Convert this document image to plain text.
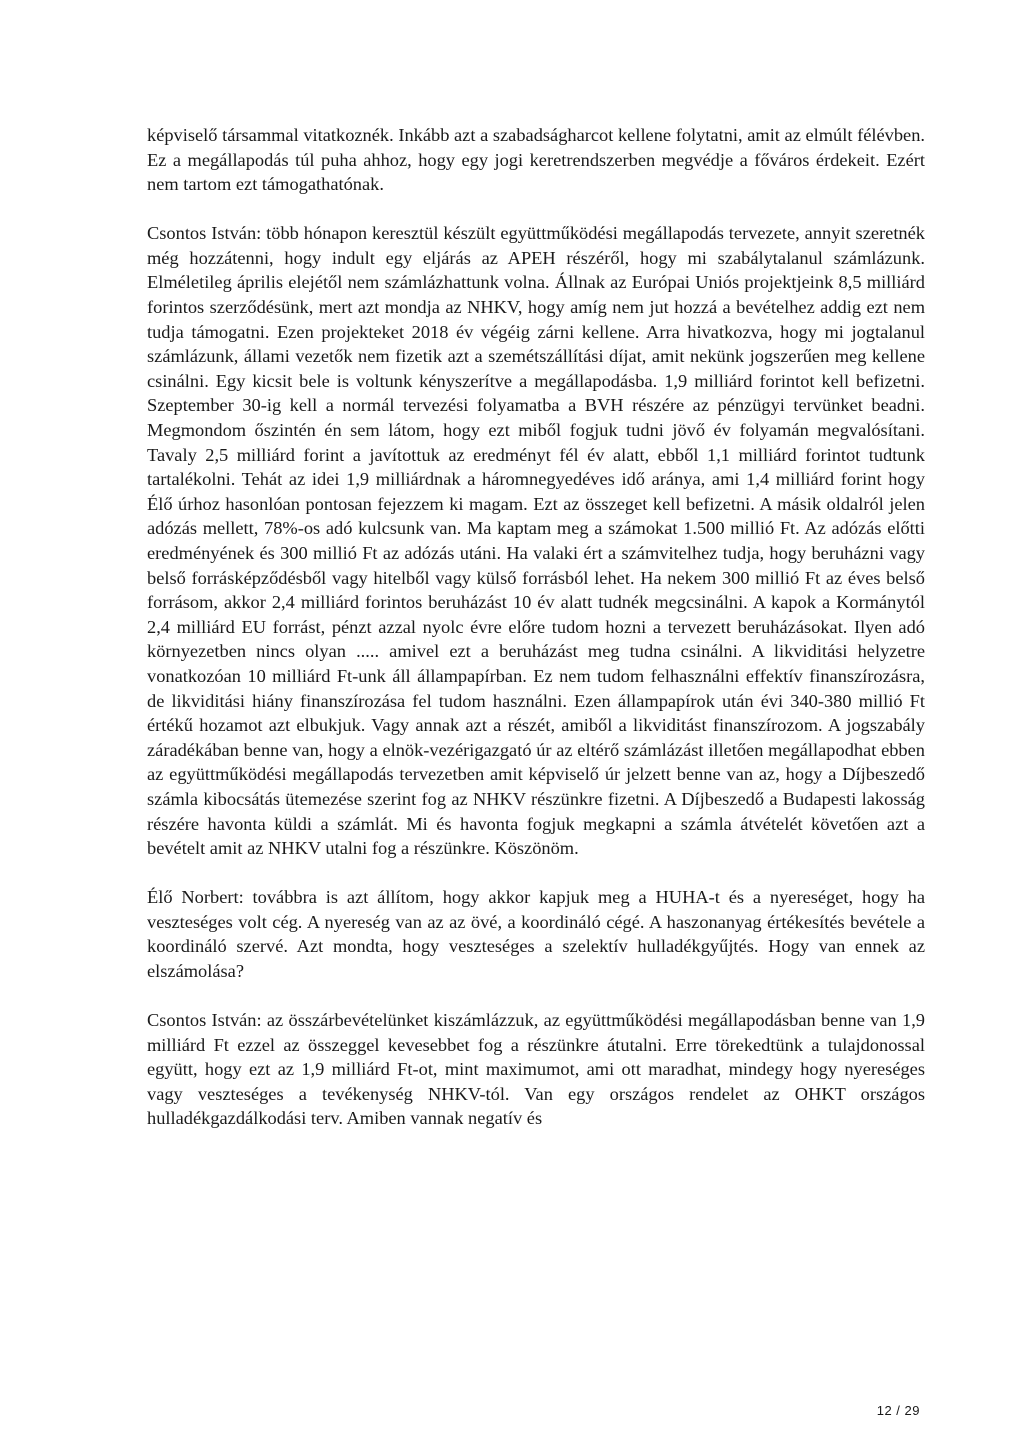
képviselő társammal vitatkoznék. Inkább azt a szabadságharcot kellene folytatni, amit az elmúlt félévben. Ez a megállapodás túl puha ahhoz, hogy egy jogi keretrendszerben megvédje a főváros érdekeit. Ezért nem tartom ezt támogathatónak.

Csontos István: több hónapon keresztül készült együttműködési megállapodás tervezete, annyit szeretnék még hozzátenni, hogy indult egy eljárás az APEH részéről, hogy mi szabálytalanul számlázunk. Elméletileg április elejétől nem számlázhattunk volna. Állnak az Európai Uniós projektjeink 8,5 milliárd forintos szerződésünk, mert azt mondja az NHKV, hogy amíg nem jut hozzá a bevételhez addig ezt nem tudja támogatni. Ezen projekteket 2018 év végéig zárni kellene. Arra hivatkozva, hogy mi jogtalanul számlázunk, állami vezetők nem fizetik azt a szemétszállítási díjat, amit nekünk jogszerűen meg kellene csinálni. Egy kicsit bele is voltunk kényszerítve a megállapodásba. 1,9 milliárd forintot kell befizetni. Szeptember 30-ig kell a normál tervezési folyamatba a BVH részére az pénzügyi tervünket beadni. Megmondom őszintén én sem látom, hogy ezt miből fogjuk tudni jövő év folyamán megvalósítani. Tavaly 2,5 milliárd forint a javítottuk az eredményt fél év alatt, ebből 1,1 milliárd forintot tudtunk tartalékolni. Tehát az idei 1,9 milliárdnak a háromnegyedéves idő aránya, ami 1,4 milliárd forint hogy Élő úrhoz hasonlóan pontosan fejezzem ki magam. Ezt az összeget kell befizetni. A másik oldalról jelen adózás mellett, 78%-os adó kulcsunk van. Ma kaptam meg a számokat 1.500 millió Ft. Az adózás előtti eredményének és 300 millió Ft az adózás utáni. Ha valaki ért a számvitelhez tudja, hogy beruházni vagy belső forrásképződésből vagy hitelből vagy külső forrásból lehet. Ha nekem 300 millió Ft az éves belső forrásom, akkor 2,4 milliárd forintos beruházást 10 év alatt tudnék megcsinálni. A kapok a Kormánytól 2,4 milliárd EU forrást, pénzt azzal nyolc évre előre tudom hozni a tervezett beruházásokat. Ilyen adó környezetben nincs olyan ..... amivel ezt a beruházást meg tudna csinálni. A likviditási helyzetre vonatkozóan 10 milliárd Ft-unk áll állampapírban. Ez nem tudom felhasználni effektív finanszírozásra, de likviditási hiány finanszírozása fel tudom használni. Ezen állampapírok után évi 340-380 millió Ft értékű hozamot azt elbukjuk. Vagy annak azt a részét, amiből a likviditást finanszírozom. A jogszabály záradékában benne van, hogy a elnök-vezérigazgató úr az eltérő számlázást illetően megállapodhat ebben az együttműködési megállapodás tervezetben amit képviselő úr jelzett benne van az, hogy a Díjbeszedő számla kibocsátás ütemezése szerint fog az NHKV részünkre fizetni. A Díjbeszedő a Budapesti lakosság részére havonta küldi a számlát. Mi és havonta fogjuk megkapni a számla átvételét követően azt a bevételt amit az NHKV utalni fog a részünkre. Köszönöm.

Élő Norbert: továbbra is azt állítom, hogy akkor kapjuk meg a HUHA-t és a nyereséget, hogy ha veszteséges volt cég. A nyereség van az az övé, a koordináló cégé. A haszonanyag értékesítés bevétele a koordináló szervé. Azt mondta, hogy veszteséges a szelektív hulladékgyűjtés. Hogy van ennek az elszámolása?

Csontos István: az összárbevételünket kiszámlázzuk, az együttműködési megállapodásban benne van 1,9 milliárd Ft ezzel az összeggel kevesebbet fog a részünkre átutalni. Erre törekedtünk a tulajdonossal együtt, hogy ezt az 1,9 milliárd Ft-ot, mint maximumot, ami ott maradhat, mindegy hogy nyereséges vagy veszteséges a tevékenység NHKV-tól. Van egy országos rendelet az OHKT országos hulladékgazdálkodási terv. Amiben vannak negatív és

12 / 29
